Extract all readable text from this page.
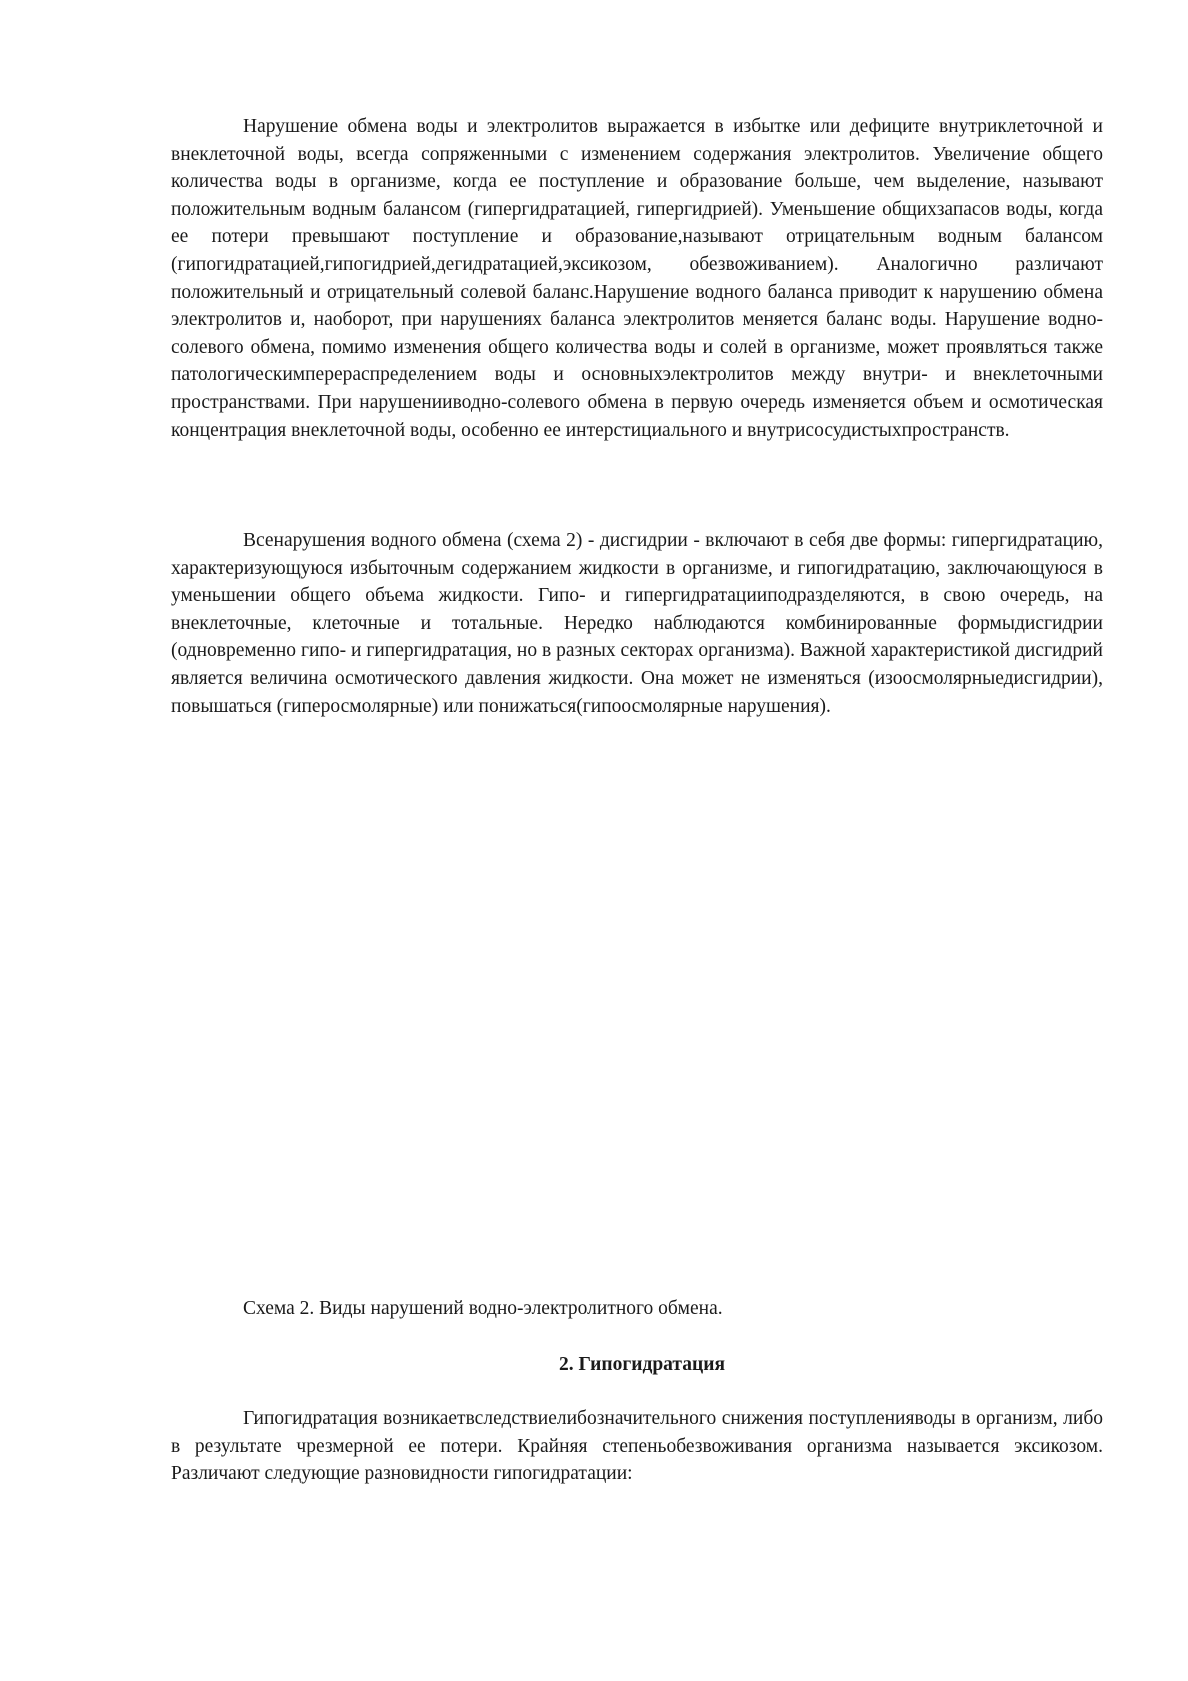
Нарушение обмена воды и электролитов выражается в избытке или дефиците внутриклеточной и внеклеточной воды, всегда сопряженными с изменением содержания электролитов. Увеличение общего количества воды в организме, когда ее поступление и образование больше, чем выделение, называют положительным водным балансом (гипергидратацией, гипергидрией). Уменьшение общихзапасов воды, когда ее потери превышают поступление и образование,называют отрицательным водным балансом (гипогидратацией,гипогидрией,дегидратацией,эксикозом, обезвоживанием). Аналогично различают положительный и отрицательный солевой баланс.Нарушение водного баланса приводит к нарушению обмена электролитов и, наоборот, при нарушениях баланса электролитов меняется баланс воды. Нарушение водно-солевого обмена, помимо изменения общего количества воды и солей в организме, может проявляться также патологическимперераспределением воды и основныхэлектролитов между внутри- и внеклеточными пространствами. При нарушенииводно-солевого обмена в первую очередь изменяется объем и осмотическая концентрация внеклеточной воды, особенно ее интерстициального и внутрисосудистыхпространств.

Всенарушения водного обмена (схема 2) - дисгидрии - включают в себя две формы: гипергидратацию, характеризующуюся избыточным содержанием жидкости в организме, и гипогидратацию, заключающуюся в уменьшении общего объема жидкости. Гипо- и гипергидратацииподразделяются, в свою очередь, на внеклеточные, клеточные и тотальные. Нередко наблюдаются комбинированные формыдисгидрии (одновременно гипо- и гипергидратация, но в разных секторах организма). Важной характеристикой дисгидрий является величина осмотического давления жидкости. Она может не изменяться (изоосмолярныедисгидрии), повышаться (гиперосмолярные) или понижаться(гипоосмолярные нарушения).

Схема 2. Виды нарушений водно-электролитного обмена.
2. Гипогидратация

Гипогидратация возникаетвследствиелибозначительного снижения поступленияводы в организм, либо в результате чрезмерной ее потери. Крайняя степеньобезвоживания организма называется эксикозом. Различают следующие разновидности гипогидратации:
